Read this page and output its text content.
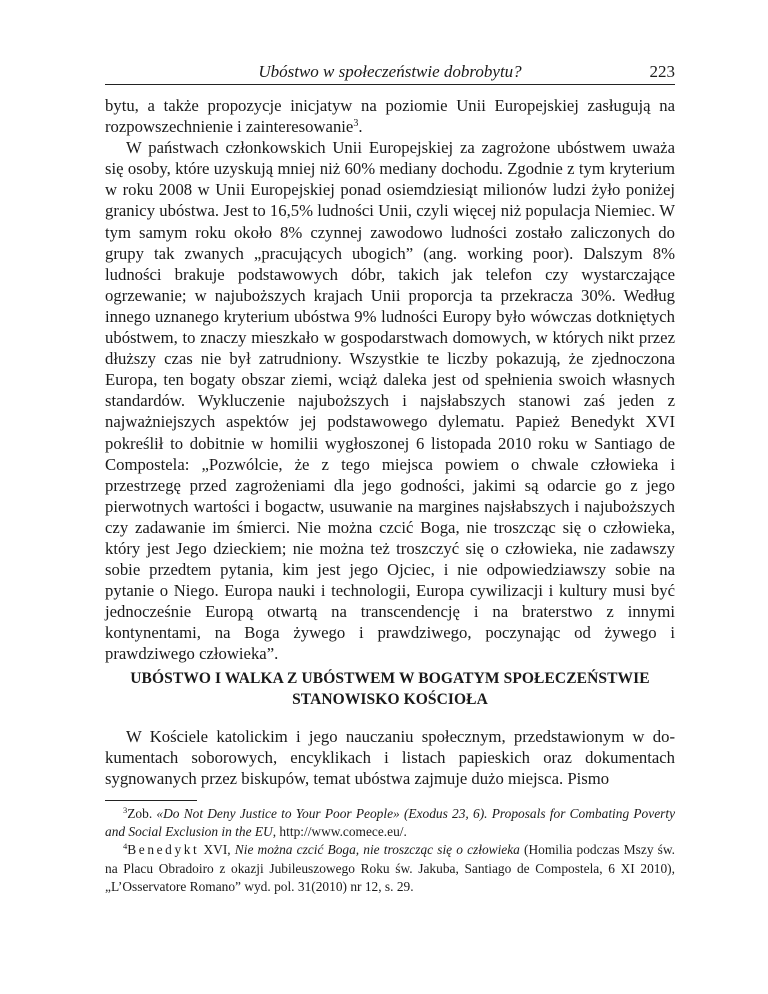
Ubóstwo w społeczeństwie dobrobytu?	223

bytu, a także propozycje inicjatyw na poziomie Unii Europejskiej zasługują na rozpowszechnienie i zainteresowanie$^3$.

W państwach członkowskich Unii Europejskiej za zagrożone ubóstwem uważa się osoby, które uzyskują mniej niż 60% mediany dochodu. Zgodnie z tym kryterium w roku 2008 w Unii Europejskiej ponad osiemdziesiąt milionów ludzi żyło poniżej granicy ubóstwa. Jest to 16,5% ludności Unii, czyli więcej niż populacja Niemiec. W tym samym roku około 8% czynnej zawodowo ludności zostało zaliczonych do grupy tak zwanych „pracujących ubogich” (ang. working poor). Dalszym 8% ludności brakuje podstawowych dóbr, takich jak telefon czy wystarczające ogrzewanie; w najuboższych krajach Unii proporcja ta przekracza 30%. Według innego uznanego kryterium ubóstwa 9% ludności Europy było wówczas dotkniętych ubóstwem, to znaczy mieszkało w gospodarstwach domowych, w których nikt przez dłuższy czas nie był zatrudniony. Wszystkie te liczby pokazują, że zjednoczona Europa, ten bogaty obszar ziemi, wciąż daleka jest od spełnienia swoich własnych standardów. Wykluczenie najuboższych i najsłabszych stanowi zaś jeden z najważniejszych aspektów jej podstawowego dylematu. Papież Benedykt XVI pokreślił to dobitnie w homilii wygłoszonej 6 listopada 2010 roku w Santiago de Compostela: „Pozwólcie, że z tego miejsca powiem o chwale człowieka i przestrzegę przed zagrożeniami dla jego godności, jakimi są odarcie go z jego pierwotnych wartości i bogactw, usuwanie na margines najsłabszych i najuboższych czy zadawanie im śmierci. Nie można czcić Boga, nie troszcząc się o człowieka, który jest Jego dzieckiem; nie można też troszczyć się o człowieka, nie zadawszy sobie przedtem pytania, kim jest jego Ojciec, i nie odpowiedziawszy sobie na pytanie o Niego. Europa nauki i technologii, Europa cywilizacji i kultury musi być jednocześnie Europą otwartą na transcendencję i na braterstwo z innymi kontynentami, na Boga żywego i prawdziwego, poczynając od żywego i prawdziwego człowieka”.

UBÓSTWO I WALKA Z UBÓSTWEM W BOGATYM SPOŁECZEŃSTWIE
STANOWISKO KOŚCIOŁA

W Kościele katolickim i jego nauczaniu społecznym, przedstawionym w dokumentach soborowych, encyklikach i listach papieskich oraz dokumentach sygnowanych przez biskupów, temat ubóstwa zajmuje dużo miejsca. Pismo

$^3$Zob. «Do Not Deny Justice to Your Poor People» (Exodus 23, 6). Proposals for Combating Poverty and Social Exclusion in the EU, http://www.comece.eu/.

$^4$Benedykt XVI, Nie można czcić Boga, nie troszcząc się o człowieka (Homilia podczas Mszy św. na Placu Obradoiro z okazji Jubileuszowego Roku św. Jakuba, Santiago de Compostela, 6 XI 2010), „L’Osservatore Romano” wyd. pol. 31(2010) nr 12, s. 29.
